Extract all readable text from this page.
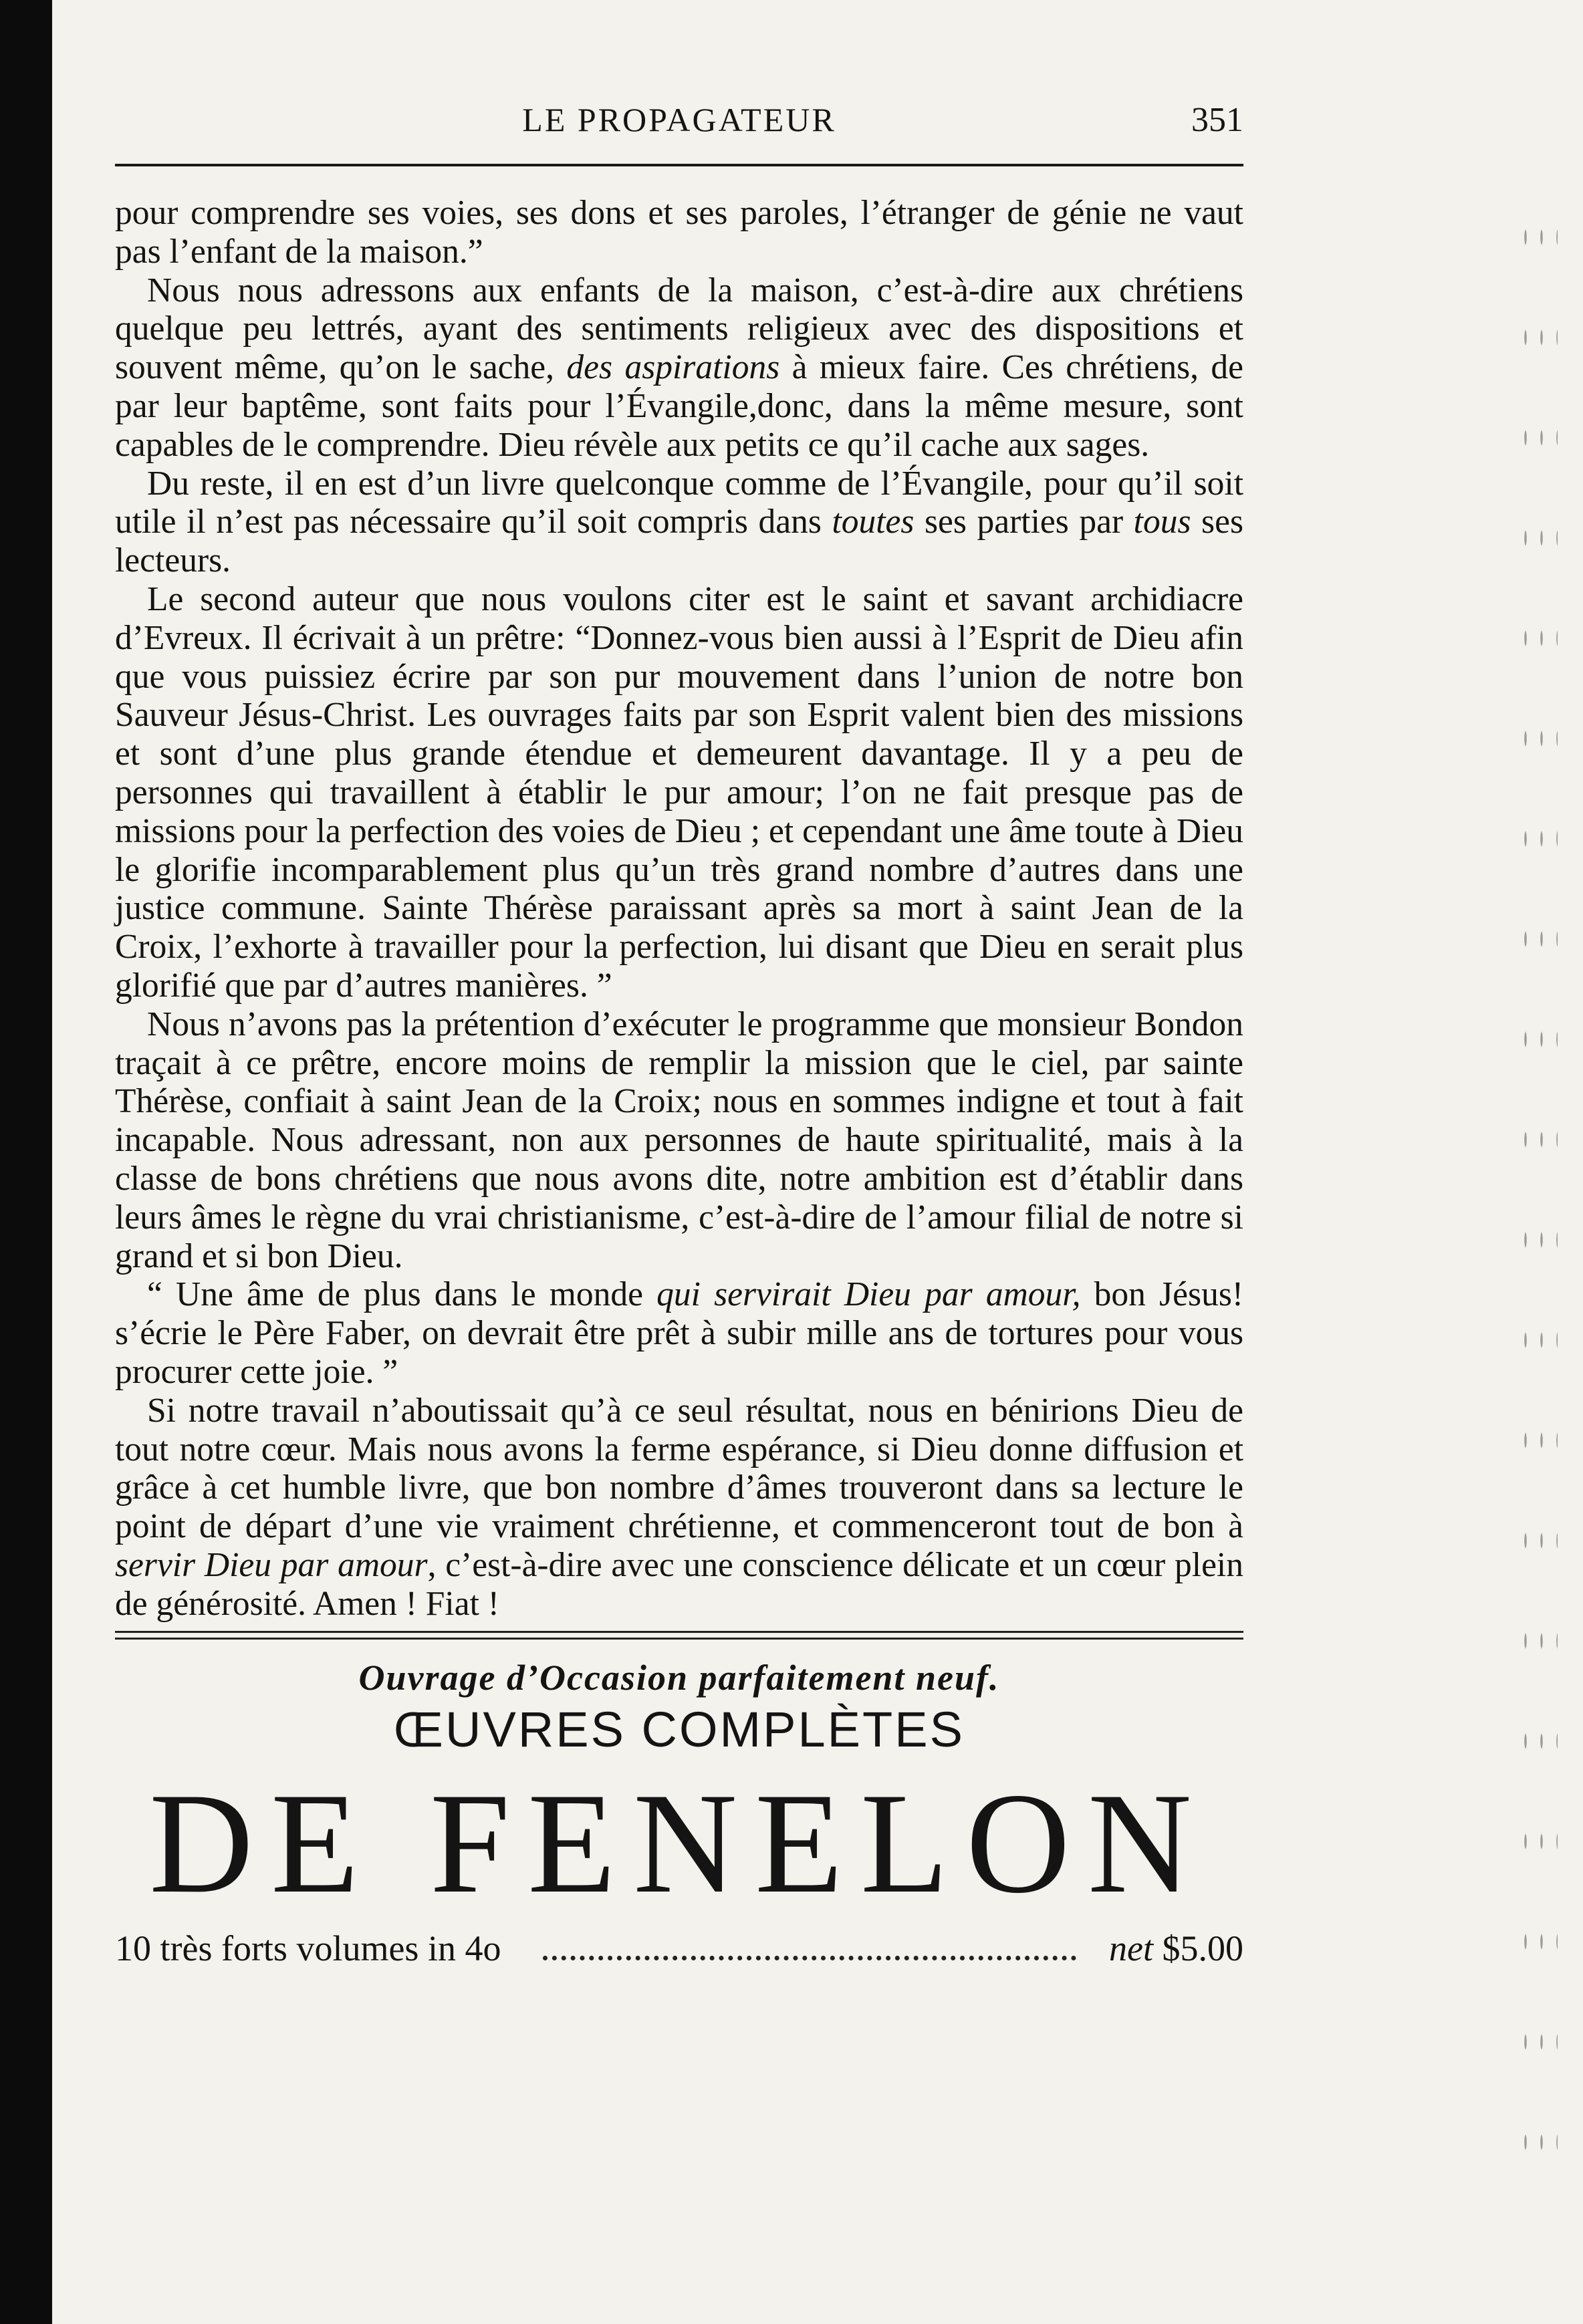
LE PROPAGATEUR	351

pour comprendre ses voies, ses dons et ses paroles, l’étranger de génie ne vaut pas l’enfant de la maison.”

Nous nous adressons aux enfants de la maison, c’est-à-dire aux chrétiens quelque peu lettrés, ayant des sentiments religieux avec des dispositions et souvent même, qu’on le sache, des aspirations à mieux faire. Ces chrétiens, de par leur baptême, sont faits pour l’Évangile,donc, dans la même mesure, sont capables de le comprendre. Dieu révèle aux petits ce qu’il cache aux sages.

Du reste, il en est d’un livre quelconque comme de l’Évangile, pour qu’il soit utile il n’est pas nécessaire qu’il soit compris dans toutes ses parties par tous ses lecteurs.

Le second auteur que nous voulons citer est le saint et savant archidiacre d’Evreux. Il écrivait à un prêtre: “Donnez-vous bien aussi à l’Esprit de Dieu afin que vous puissiez écrire par son pur mouvement dans l’union de notre bon Sauveur Jésus-Christ. Les ouvrages faits par son Esprit valent bien des missions et sont d’une plus grande étendue et demeurent davantage. Il y a peu de personnes qui travaillent à établir le pur amour; l’on ne fait presque pas de missions pour la perfection des voies de Dieu ; et cependant une âme toute à Dieu le glorifie incomparablement plus qu’un très grand nombre d’autres dans une justice commune. Sainte Thérèse paraissant après sa mort à saint Jean de la Croix, l’exhorte à travailler pour la perfection, lui disant que Dieu en serait plus glorifié que par d’autres manières. ”

Nous n’avons pas la prétention d’exécuter le programme que monsieur Bondon traçait à ce prêtre, encore moins de remplir la mission que le ciel, par sainte Thérèse, confiait à saint Jean de la Croix; nous en sommes indigne et tout à fait incapable. Nous adressant, non aux personnes de haute spiritualité, mais à la classe de bons chrétiens que nous avons dite, notre ambition est d’établir dans leurs âmes le règne du vrai christianisme, c’est-à-dire de l’amour filial de notre si grand et si bon Dieu.

“ Une âme de plus dans le monde qui servirait Dieu par amour, bon Jésus! s’écrie le Père Faber, on devrait être prêt à subir mille ans de tortures pour vous procurer cette joie. ”

Si notre travail n’aboutissait qu’à ce seul résultat, nous en bénirions Dieu de tout notre cœur. Mais nous avons la ferme espérance, si Dieu donne diffusion et grâce à cet humble livre, que bon nombre d’âmes trouveront dans sa lecture le point de départ d’une vie vraiment chrétienne, et commenceront tout de bon à servir Dieu par amour, c’est-à-dire avec une conscience délicate et un cœur plein de générosité. Amen ! Fiat !

Ouvrage d’Occasion parfaitement neuf.
ŒUVRES COMPLÈTES
DE FENELON
10 très forts volumes in 4o	net $5.00
